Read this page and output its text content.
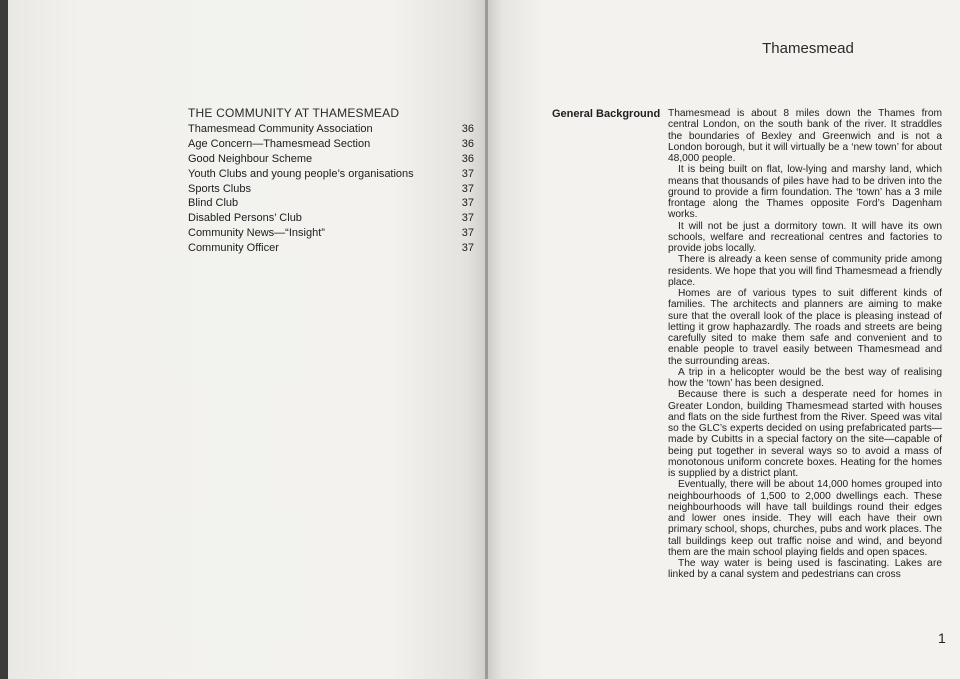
THE COMMUNITY AT THAMESMEAD
Thamesmead Community Association	36
Age Concern—Thamesmead Section	36
Good Neighbour Scheme	36
Youth Clubs and young people’s organisations	37
Sports Clubs	37
Blind Club	37
Disabled Persons’ Club	37
Community News—“Insight”	37
Community Officer	37
Thamesmead
General Background Thamesmead is about 8 miles down the Thames from central London, on the south bank of the river. It straddles the boundaries of Bexley and Greenwich and is not a London borough, but it will virtually be a ‘new town’ for about 48,000 people.

It is being built on flat, low-lying and marshy land, which means that thousands of piles have had to be driven into the ground to provide a firm foundation. The ‘town’ has a 3 mile frontage along the Thames opposite Ford’s Dagenham works.

It will not be just a dormitory town. It will have its own schools, welfare and recreational centres and factories to provide jobs locally.

There is already a keen sense of community pride among residents. We hope that you will find Thamesmead a friendly place.

Homes are of various types to suit different kinds of families. The architects and planners are aiming to make sure that the overall look of the place is pleasing instead of letting it grow haphazardly. The roads and streets are being carefully sited to make them safe and convenient and to enable people to travel easily between Thamesmead and the surrounding areas.

A trip in a helicopter would be the best way of realising how the ‘town’ has been designed.

Because there is such a desperate need for homes in Greater London, building Thamesmead started with houses and flats on the side furthest from the River. Speed was vital so the GLC’s experts decided on using prefabricated parts—made by Cubitts in a special factory on the site—capable of being put together in several ways so to avoid a mass of monotonous uniform concrete boxes. Heating for the homes is supplied by a district plant.

Eventually, there will be about 14,000 homes grouped into neighbourhoods of 1,500 to 2,000 dwellings each. These neighbourhoods will have tall buildings round their edges and lower ones inside. They will each have their own primary school, shops, churches, pubs and work places. The tall buildings keep out traffic noise and wind, and beyond them are the main school playing fields and open spaces.

The way water is being used is fascinating. Lakes are linked by a canal system and pedestrians can cross

1
